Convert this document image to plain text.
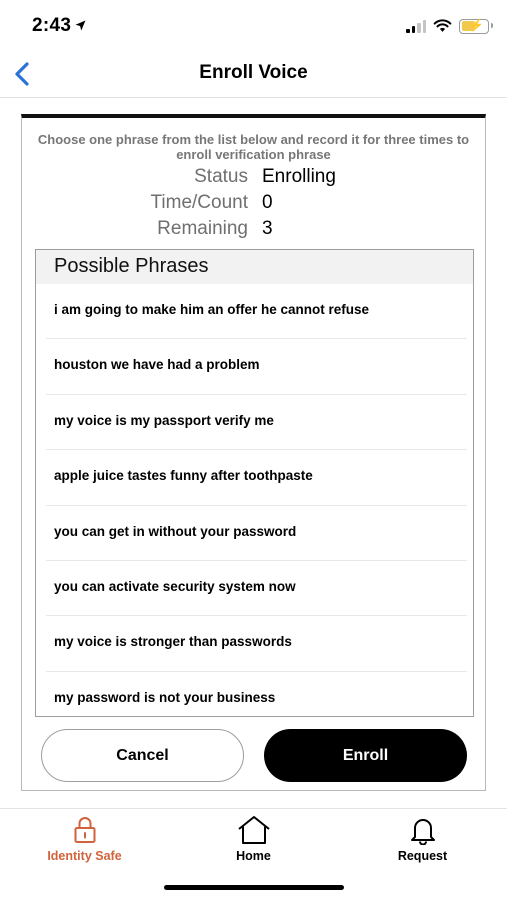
2:43	⚡
Enroll Voice
Choose one phrase from the list below and record it for three times to enroll verification phrase
Status Enrolling
Time/Count 0
Remaining 3
Possible Phrases
i am going to make him an offer he cannot refuse
houston we have had a problem
my voice is my passport verify me
apple juice tastes funny after toothpaste
you can get in without your password
you can activate security system now
my voice is stronger than passwords
my password is not your business
Cancel	Enroll
Identity Safe	Home	Request
